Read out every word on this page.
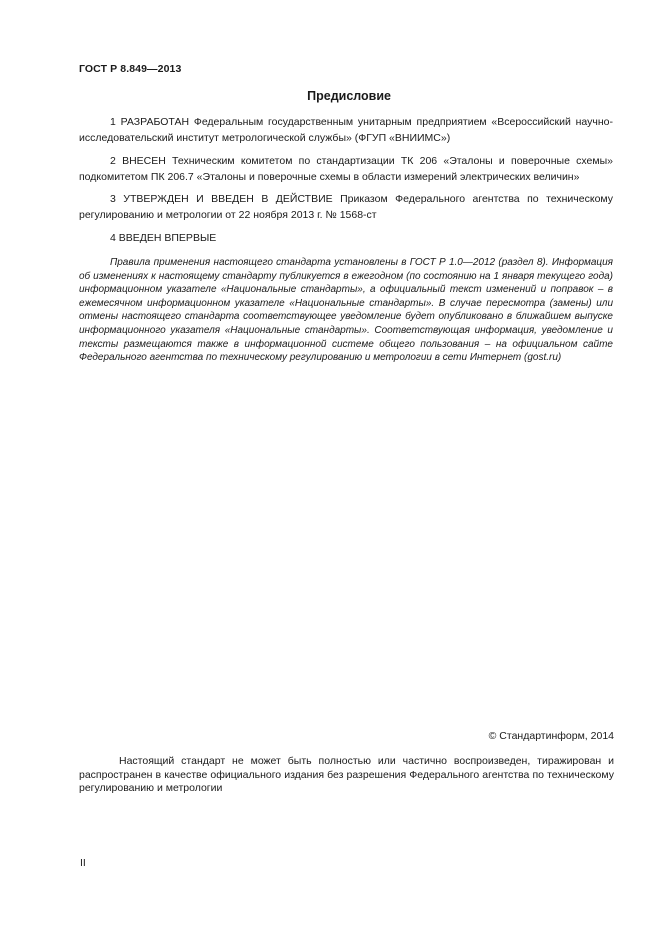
ГОСТ Р 8.849—2013
Предисловие

1 РАЗРАБОТАН Федеральным государственным унитарным предприятием «Всероссийский научно-исследовательский институт метрологической службы» (ФГУП «ВНИИМС»)

2 ВНЕСЕН Техническим комитетом по стандартизации ТК 206 «Эталоны и поверочные схемы» подкомитетом ПК 206.7 «Эталоны и поверочные схемы в области измерений электрических величин»

3 УТВЕРЖДЕН И ВВЕДЕН В ДЕЙСТВИЕ Приказом Федерального агентства по техническому регулированию и метрологии от 22 ноября 2013 г. № 1568-ст

4 ВВЕДЕН ВПЕРВЫЕ

Правила применения настоящего стандарта установлены в ГОСТ Р 1.0—2012 (раздел 8). Информация об изменениях к настоящему стандарту публикуется в ежегодном (по состоянию на 1 января текущего года) информационном указателе «Национальные стандарты», а официальный текст изменений и поправок – в ежемесячном информационном указателе «Национальные стандарты». В случае пересмотра (замены) или отмены настоящего стандарта соответствующее уведомление будет опубликовано в ближайшем выпуске информационного указателя «Национальные стандарты». Соответствующая информация, уведомление и тексты размещаются также в информационной системе общего пользования – на официальном сайте Федерального агентства по техническому регулированию и метрологии в сети Интернет (gost.ru)

© Стандартинформ, 2014

Настоящий стандарт не может быть полностью или частично воспроизведен, тиражирован и распространен в качестве официального издания без разрешения Федерального агентства по техническому регулированию и метрологии

II
